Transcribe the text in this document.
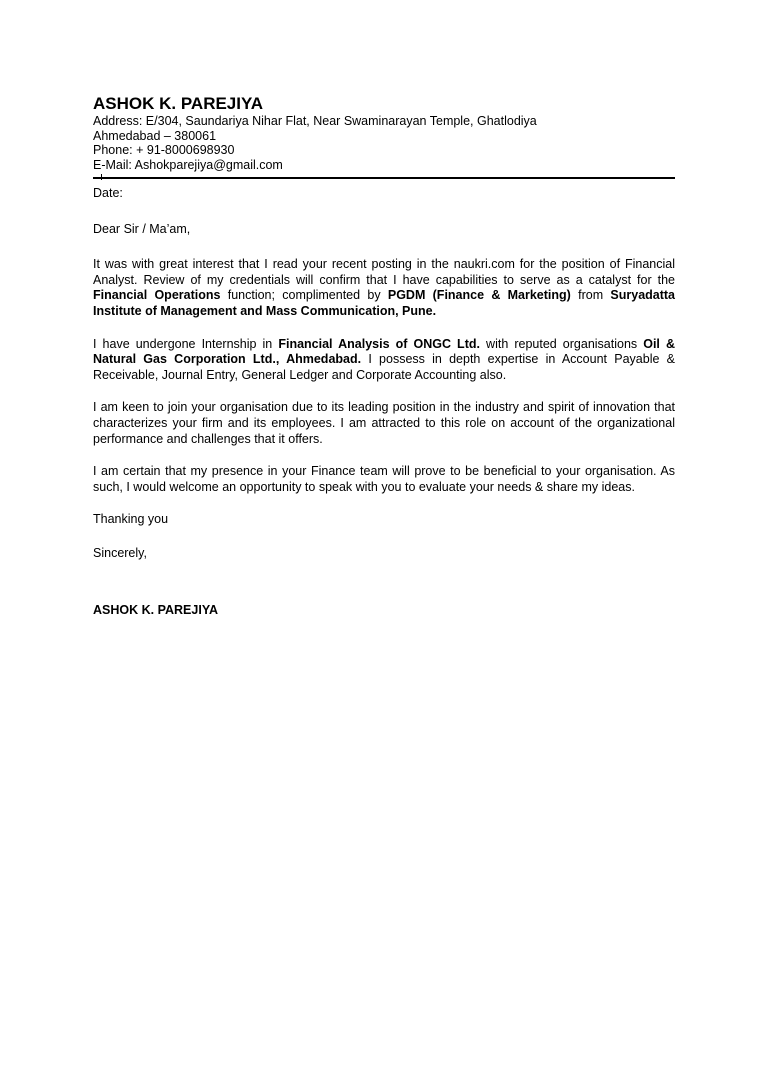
ASHOK K. PAREJIYA
Address: E/304, Saundariya Nihar Flat, Near Swaminarayan Temple, Ghatlodiya
Ahmedabad – 380061
Phone: + 91-8000698930
E-Mail: Ashokparejiya@gmail.com

Date:

Dear Sir / Ma’am,

It was with great interest that I read your recent posting in the naukri.com for the position of Financial Analyst. Review of my credentials will confirm that I have capabilities to serve as a catalyst for the Financial Operations function; complimented by PGDM (Finance & Marketing) from Suryadatta Institute of Management and Mass Communication, Pune.

I have undergone Internship in Financial Analysis of ONGC Ltd. with reputed organisations Oil & Natural Gas Corporation Ltd., Ahmedabad. I possess in depth expertise in Account Payable & Receivable, Journal Entry, General Ledger and Corporate Accounting also.

I am keen to join your organisation due to its leading position in the industry and spirit of innovation that characterizes your firm and its employees. I am attracted to this role on account of the organizational performance and challenges that it offers.

I am certain that my presence in your Finance team will prove to be beneficial to your organisation. As such, I would welcome an opportunity to speak with you to evaluate your needs & share my ideas.

Thanking you

Sincerely,

ASHOK K. PAREJIYA
